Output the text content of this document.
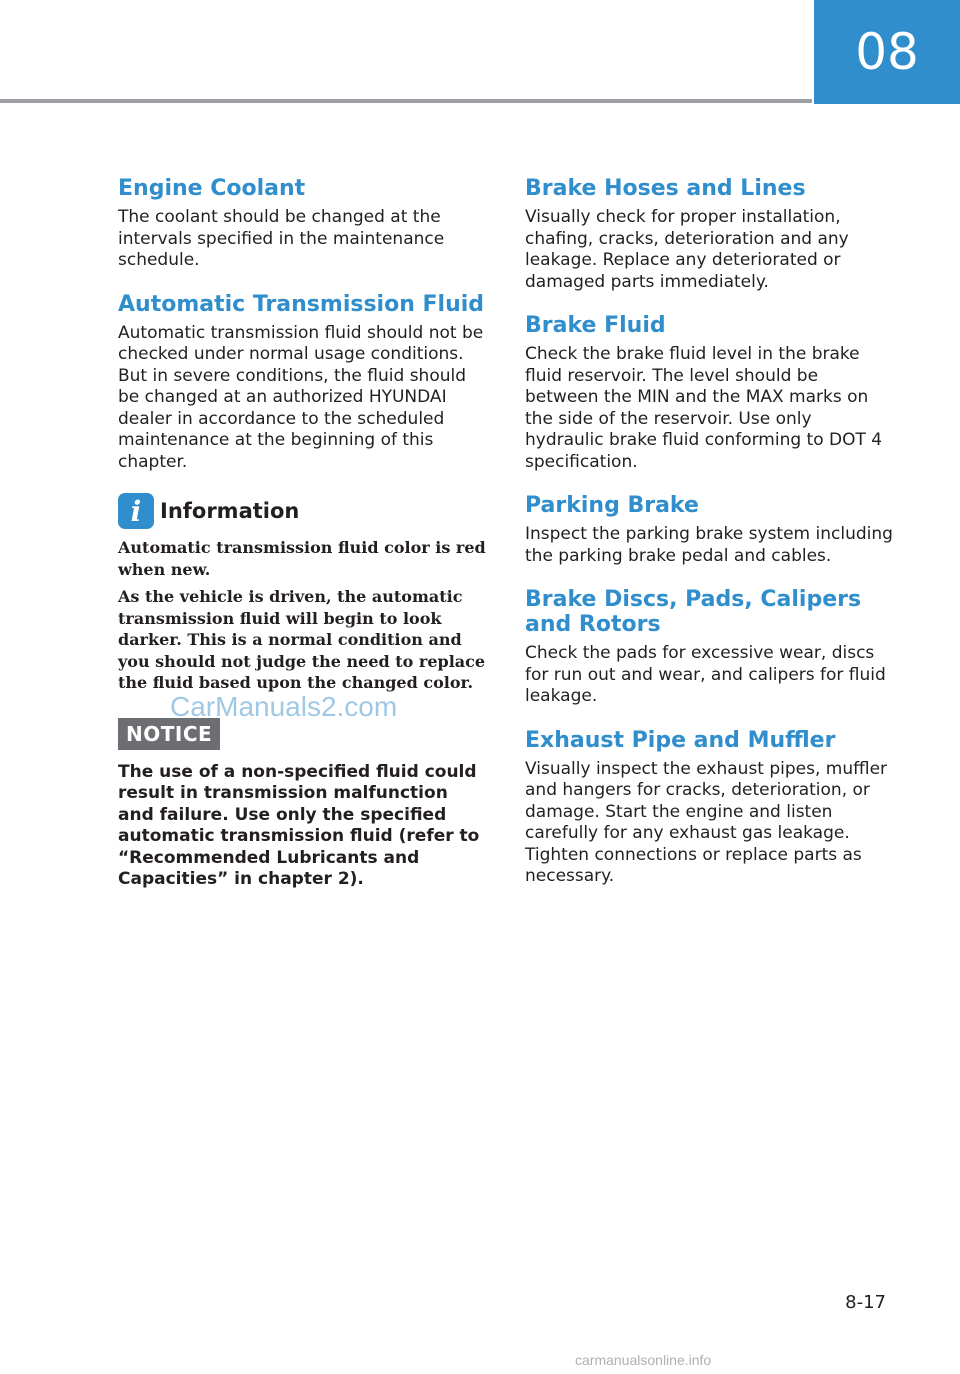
08
Engine Coolant

The coolant should be changed at the intervals specified in the maintenance schedule.

Automatic Transmission Fluid

Automatic transmission fluid should not be checked under normal usage conditions. But in severe conditions, the fluid should be changed at an authorized HYUNDAI dealer in accordance to the scheduled maintenance at the beginning of this chapter.

i Information

Automatic transmission fluid color is red when new.

As the vehicle is driven, the automatic transmission fluid will begin to look darker. This is a normal condition and you should not judge the need to replace the fluid based upon the changed color.

NOTICE
CarManuals2.com

The use of a non-specified fluid could result in transmission malfunction and failure. Use only the specified automatic transmission fluid (refer to “Recommended Lubricants and Capacities” in chapter 2).

Brake Hoses and Lines

Visually check for proper installation, chafing, cracks, deterioration and any leakage. Replace any deteriorated or damaged parts immediately.

Brake Fluid

Check the brake fluid level in the brake fluid reservoir. The level should be between the MIN and the MAX marks on the side of the reservoir. Use only hydraulic brake fluid conforming to DOT 4 specification.

Parking Brake

Inspect the parking brake system including the parking brake pedal and cables.

Brake Discs, Pads, Calipers and Rotors

Check the pads for excessive wear, discs for run out and wear, and calipers for fluid leakage.

Exhaust Pipe and Muffler

Visually inspect the exhaust pipes, muffler and hangers for cracks, deterioration, or damage. Start the engine and listen carefully for any exhaust gas leakage. Tighten connections or replace parts as necessary.

8-17
carmanualsonline.info
